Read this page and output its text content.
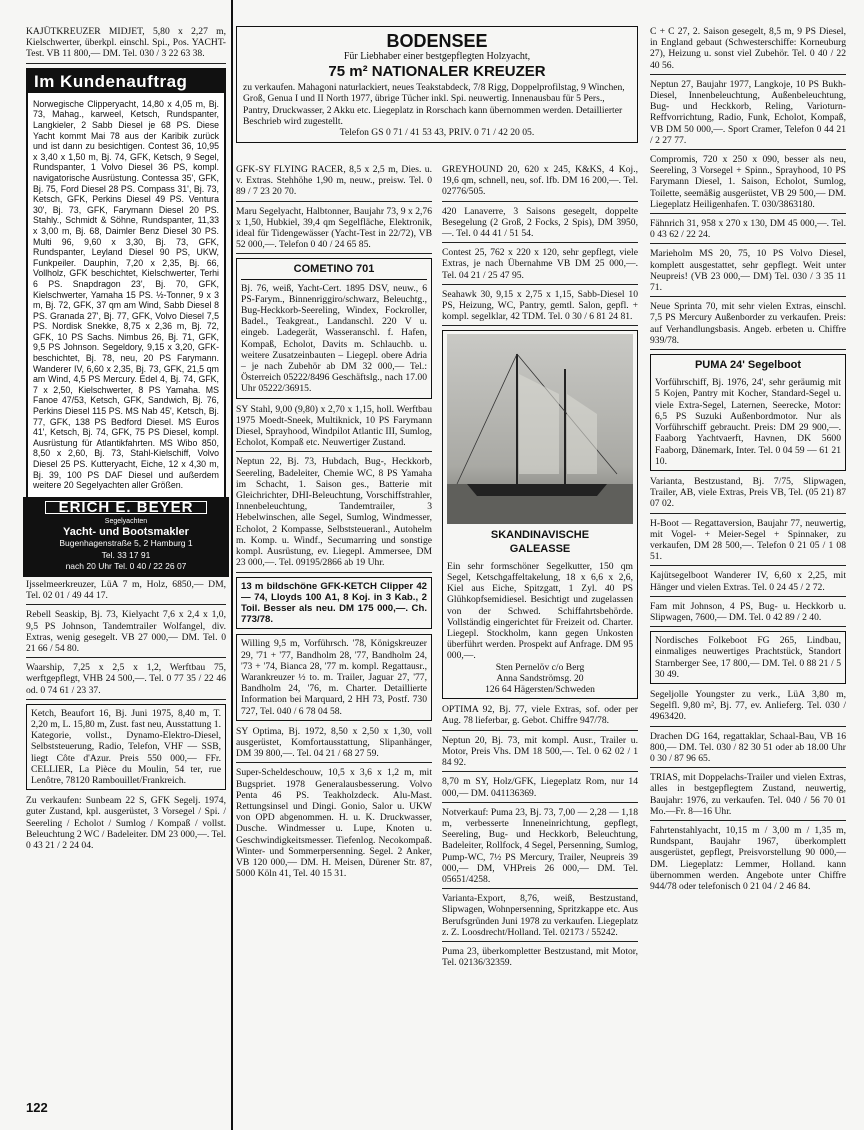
KAJÜTKREUZER MIDJET, 5,80 x 2,27 m, Kielschwerter, überkpl. einschl. Spi., Pos. YACHT-Test. VB 11 800,— DM. Tel. 030 / 3 22 63 38.
Im Kundenauftrag
Norwegische Clipperyacht, 14,80 x 4,05 m, Bj. 73, Mahag., karweel, Ketsch, Rundspanter, Langkieler, 2 Sabb Diesel je 68 PS. Diese Yacht kommt Mai 78 aus der Karibik zurück und ist dann zu besichtigen. Contest 36, 10,95 x 3,40 x 1,50 m, Bj. 74, GFK, Ketsch, 9 Segel, Rundspanter, 1 Volvo Diesel 36 PS, kompl. navigatorische Ausrüstung. Contessa 35', GFK, Bj. 75, Ford Diesel 28 PS. Compass 31', Bj. 73, Ketsch, GFK, Perkins Diesel 49 PS. Ventura 30', Bj. 73, GFK, Farymann Diesel 20 PS. Stahly., Schmidt & Söhne, Rundspanter, 11,33 x 3,00 m, Bj. 68, Daimler Benz Diesel 30 PS. Multi 96, 9,60 x 3,30, Bj. 73, GFK, Rundspanter, Leyland Diesel 90 PS, UKW, Funkpeiler. Dauphin, 7,20 x 2,35, Bj. 66, Vollholz, GFK beschichtet, Kielschwerter, Terhi 6 PS. Snapdragon 23', Bj. 70, GFK, Kielschwerter, Yamaha 15 PS. ½-Tonner, 9 x 3 m, Bj. 72, GFK, 37 qm am Wind, Sabb Diesel 8 PS. Granada 27', Bj. 77, GFK, Volvo Diesel 7,5 PS. Nordisk Snekke, 8,75 x 2,36 m, Bj. 72, GFK, 10 PS Sachs. Nimbus 26, Bj. 71, GFK, 9,5 PS Johnson. Segeldory, 9,15 x 3,20, GFK-beschichtet, Bj. 78, neu, 20 PS Farymann. Wanderer IV, 6,60 x 2,35, Bj. 73, GFK, 21,5 qm am Wind, 4,5 PS Mercury. Edel 4, Bj. 74, GFK, 7 x 2,50, Kielschwerter, 8 PS Yamaha. MS Fanoe 47/53, Ketsch, GFK, Sandwich, Bj. 76, Perkins Diesel 115 PS. MS Nab 45', Ketsch, Bj. 77, GFK, 138 PS Bedford Diesel. MS Euros 41', Ketsch, Bj. 74, GFK, 75 PS Diesel, kompl. Ausrüstung für Atlantikfahrten. MS Wibo 850, 8,50 x 2,60, Bj. 73, Stahl-Kielschiff, Volvo Diesel 25 PS. Kutteryacht, Eiche, 12 x 4,30 m, Bj. 39, 100 PS DAF Diesel und außerdem weitere 20 Segelyachten aller Größen.
ERICH E. BEYER
Segelyachten
Yacht- und Bootsmakler
Bugenhagenstraße 5, 2 Hamburg 1
Tel. 33 17 91
nach 20 Uhr Tel. 0 40 / 22 26 07
Ijsselmeerkreuzer, LüA 7 m, Holz, 6850,— DM, Tel. 02 01 / 49 44 17.
Rebell Seaskip, Bj. 73, Kielyacht 7,6 x 2,4 x 1,0, 9,5 PS Johnson, Tandemtrailer Wolfangel, div. Extras, wenig gesegelt. VB 27 000,— DM. Tel. 0 21 66 / 54 80.
Waarship, 7,25 x 2,5 x 1,2, Werftbau 75, werftgepflegt, VHB 24 500,—. Tel. 0 77 35 / 22 46 od. 0 74 61 / 23 37.
Ketch, Beaufort 16, Bj. Juni 1975, 8,40 m, T. 2,20 m, L. 15,80 m, Zust. fast neu, Ausstattung 1. Kategorie, vollst., Dynamo-Elektro-Diesel, Selbststeuerung, Radio, Telefon, VHF — SSB, liegt Côte d'Azur. Preis 550 000,— FFr. CELLIER, La Pièce du Moulin, 54 ter, rue Lenôtre, 78120 Rambouillet/Frankreich.
Zu verkaufen: Sunbeam 22 S, GFK Segelj. 1974, guter Zustand, kpl. ausgerüstet, 3 Vorsegel / Spi. / Seereling / Echolot / Sumlog / Kompaß / vollst. Beleuchtung 2 WC / Badeleiter. DM 23 000,—. Tel. 0 43 21 / 2 24 04.
BODENSEE
Für Liebhaber einer bestgepflegten Holzyacht,
75 m² NATIONALER KREUZER
zu verkaufen. Mahagoni naturlackiert, neues Teakstabdeck, 7/8 Rigg, Doppelprofilstag, 9 Winchen, Groß, Genua I und II North 1977, übrige Tücher inkl. Spi. neuwertig. Innenausbau für 5 Pers., Pantry, Druckwasser, 2 Akku etc. Liegeplatz in Rorschach kann übernommen werden. Detaillierter Beschrieb wird zugestellt.
Telefon GS 0 71 / 41 53 43, PRIV. 0 71 / 42 20 05.
GFK-SY FLYING RACER, 8,5 x 2,5 m, Dies. u. v. Extras. Stehhöhe 1,90 m, neuw., preisw. Tel. 0 89 / 7 23 20 70.
Maru Segelyacht, Halbtonner, Baujahr 73, 9 x 2,76 x 1,50, Hubkiel, 39,4 qm Segelfläche, Elektronik, ideal für Tidengewässer (Yacht-Test in 22/72), VB 52 000,—. Telefon 0 40 / 24 65 85.
COMETINO 701
Bj. 76, weiß, Yacht-Cert. 1895 DSV, neuw., 6 PS-Farym., Binnenriggiro/schwarz, Beleuchtg., Bug-Heckkorb-Seereling, Windex, Fockroller, Badel., Teakgreat., Landanschl. 220 V u. eingeb. Ladegerät, Wasseranschl. f. Hafen, Kompaß, Echolot, Davits m. Schlauchb. u. weitere Zusatzeinbauten – Liegepl. obere Adria – je nach Zubehör ab DM 32 000,— Tel.: Österreich 05222/8496 Geschäftslg., nach 17.00 Uhr 05222/36915.
SY Stahl, 9,00 (9,80) x 2,70 x 1,15, holl. Werftbau 1975 Moedt-Sneek, Multiknick, 10 PS Farymann Diesel, Sprayhood, Windpilot Atlantic III, Sumlog, Echolot, Kompaß etc. Neuwertiger Zustand.
Neptun 22, Bj. 73, Hubdach, Bug-, Heckkorb, Seereling, Badeleiter, Chemie WC, 8 PS Yamaha im Schacht, 1. Saison ges., Batterie mit Gleichrichter, DHI-Beleuchtung, Vorschiffstrahler, Innenbeleuchtung, Tandemtrailer, 3 Hebelwinschen, alle Segel, Sumlog, Windmesser, Echolot, 2 Kompasse, Selbststeueranl., Autohelm m. Komp. u. Windf., Secumarring und sonstige kompl. Ausrüstung, ev. Liegepl. Ammersee, DM 23 000,—. Tel. 09195/2866 ab 19 Uhr.
13 m bildschöne GFK-KETCH Clipper 42 — 74, Lloyds 100 A1, 8 Koj. in 3 Kab., 2 Toil. Besser als neu. DM 175 000,—. Ch. 773/78.
Willing 9,5 m, Vorführsch. '78, Königskreuzer 29, '71 + '77, Bandholm 28, '77, Bandholm 24, '73 + '74, Bianca 28, '77 m. kompl. Regattausr., Warankreuzer ½ to. m. Trailer, Jaguar 27, '77, Bandholm 24, '76, m. Charter. Detaillierte Information bei Marquard, 2 HH 73, Postf. 730 727, Tel. 040 / 6 78 04 58.
SY Optima, Bj. 1972, 8,50 x 2,50 x 1,30, voll ausgerüstet, Komfortausstattung, Slipanhänger, DM 39 800,—. Tel. 04 21 / 68 27 59.
Super-Scheldeschouw, 10,5 x 3,6 x 1,2 m, mit Bugspriet. 1978 Generalausbesserung. Volvo Penta 46 PS. Teakholzdeck. Alu-Mast. Rettungsinsel und Dingi. Gonio, Salor u. UKW von OPD abgenommen. H. u. K. Druckwasser, Dusche. Windmesser u. Lupe, Knoten u. Geschwindigkeitsmesser. Tiefenlog. Necokompaß. Winter- und Sommerpersenning. Segel. 2 Anker, VB 120 000,— DM. H. Meisen, Dürener Str. 87, 5000 Köln 41, Tel. 40 15 31.
GREYHOUND 20, 620 x 245, K&KS, 4 Koj., 19,6 qm, schnell, neu, sof. lfb. DM 16 200,—. Tel. 02776/505.
420 Lanaverre, 3 Saisons gesegelt, doppelte Besegelung (2 Groß, 2 Focks, 2 Spis), DM 3950,—. Tel. 0 44 41 / 51 54.
Contest 25, 762 x 220 x 120, sehr gepflegt, viele Extras, je nach Übernahme VB DM 25 000,—. Tel. 04 21 / 25 47 95.
Seahawk 30, 9,15 x 2,75 x 1,15, Sabb-Diesel 10 PS, Heizung, WC, Pantry, gemtl. Salon, gepfl. + kompl. segelklar, 42 TDM. Tel. 0 30 / 6 81 24 81.
SKANDINAVISCHE
GALEASSE
Ein sehr formschöner Segelkutter, 150 qm Segel, Ketschgaffeltakelung, 18 x 6,6 x 2,6, Kiel aus Eiche, Spitzgatt, 1 Zyl. 40 PS Glühkopfsemidiesel. Besichtigt und zugelassen von der Schwed. Schiffahrtsbehörde. Vollständig eingerichtet für Freizeit od. Charter. Liegepl. Stockholm, kann gegen Unkosten überführt werden. Prospekt auf Anfrage. DM 95 000,—.
Sten Pernelöv c/o Berg
Anna Sandströmsg. 20
126 64 Hägersten/Schweden
OPTIMA 92, Bj. 77, viele Extras, sof. oder per Aug. 78 lieferbar, g. Gebot. Chiffre 947/78.
Neptun 20, Bj. 73, mit kompl. Ausr., Trailer u. Motor, Preis Vhs. DM 18 500,—. Tel. 0 62 02 / 1 84 92.
8,70 m SY, Holz/GFK, Liegeplatz Rom, nur 14 000,— DM. 041136369.
Notverkauf: Puma 23, Bj. 73, 7,00 — 2,28 — 1,18 m, verbesserte Inneneinrichtung, gepflegt, Seereling, Bug- und Heckkorb, Beleuchtung, Badeleiter, Rollfock, 4 Segel, Persenning, Sumlog, Pump-WC, 7½ PS Mercury, Trailer, Neupreis 39 000,— DM, VHPreis 26 000,— DM. Tel. 05651/4258.
Varianta-Export, 8,76, weiß, Bestzustand, Slipwagen, Wohnpersenning, Spritzkappe etc. Aus Berufsgründen Juni 1978 zu verkaufen. Liegeplatz z. Z. Loosdrecht/Holland. Tel. 02173 / 55242.
Puma 23, überkompletter Bestzustand, mit Motor, Tel. 02136/32359.
C + C 27, 2. Saison gesegelt, 8,5 m, 9 PS Diesel, in England gebaut (Schwesterschiffe: Korneuburg 27), Heizung u. sonst viel Zubehör. Tel. 0 40 / 22 40 56.
Neptun 27, Baujahr 1977, Langkoje, 10 PS Bukh-Diesel, Innenbeleuchtung, Außenbeleuchtung, Bug- und Heckkorb, Reling, Varioturn-Reffvorrichtung, Radio, Funk, Echolot, Kompaß, VB DM 50 000,—. Sport Cramer, Telefon 0 44 21 / 2 27 77.
Compromis, 720 x 250 x 090, besser als neu, Seereling, 3 Vorsegel + Spinn., Sprayhood, 10 PS Farymann Diesel, 1. Saison, Echolot, Sumlog, Toilette, seemäßig ausgerüstet, VB 29 500,— DM. Liegeplatz Heiligenhafen. T. 030/3863180.
Fähnrich 31, 958 x 270 x 130, DM 45 000,—. Tel. 0 43 62 / 22 24.
Marieholm MS 20, 75, 10 PS Volvo Diesel, komplett ausgestattet, sehr gepflegt. Weit unter Neupreis! (VB 23 000,— DM) Tel. 030 / 3 35 11 71.
Neue Sprinta 70, mit sehr vielen Extras, einschl. 7,5 PS Mercury Außenborder zu verkaufen. Preis: auf Verhandlungsbasis. Angeb. erbeten u. Chiffre 939/78.
PUMA 24' Segelboot
Vorführschiff, Bj. 1976, 24', sehr geräumig mit 5 Kojen, Pantry mit Kocher, Standard-Segel u. viele Extra-Segel, Laternen, Seerecke, Motor: 6,5 PS Suzuki Außenbordmotor. Nur als Vorführschiff gebraucht. Preis: DM 29 900,—. Faaborg Yachtvaerft, Havnen, DK 5600 Faaborg, Dänemark, Inter. Tel. 0 04 59 — 61 21 10.
Varianta, Bestzustand, Bj. 7/75, Slipwagen, Trailer, AB, viele Extras, Preis VB, Tel. (05 21) 87 07 02.
H-Boot — Regattaversion, Baujahr 77, neuwertig, mit Vogel- + Meier-Segel + Spinnaker, zu verkaufen, DM 28 500,—. Telefon 0 21 05 / 1 08 51.
Kajütsegelboot Wanderer IV, 6,60 x 2,25, mit Hänger und vielen Extras. Tel. 0 24 45 / 2 72.
Fam mit Johnson, 4 PS, Bug- u. Heckkorb u. Slipwagen, 7600,— DM. Tel. 0 42 89 / 2 40.
Nordisches Folkeboot FG 265, Lindbau, einmaliges neuwertiges Prachtstück, Standort Starnberger See, 17 800,— DM. Tel. 0 88 21 / 5 30 49.
Segeljolle Youngster zu verk., LüA 3,80 m, Segelfl. 9,80 m², Bj. 77, ev. Anlieferg. Tel. 030 / 4963420.
Drachen DG 164, regattaklar, Schaal-Bau, VB 16 800,— DM. Tel. 030 / 82 30 51 oder ab 18.00 Uhr 0 30 / 87 96 65.
TRIAS, mit Doppelachs-Trailer und vielen Extras, alles in bestgepflegtem Zustand, neuwertig, Baujahr: 1976, zu verkaufen. Tel. 040 / 56 70 01 Mo.—Fr. 8—16 Uhr.
Fahrtenstahlyacht, 10,15 m / 3,00 m / 1,35 m, Rundspant, Baujahr 1967, überkomplett ausgerüstet, gepflegt, Preisvorstellung 90 000,— DM. Liegeplatz: Lemmer, Holland. kann übernommen werden. Angebote unter Chiffre 944/78 oder telefonisch 0 21 04 / 2 46 84.
122
